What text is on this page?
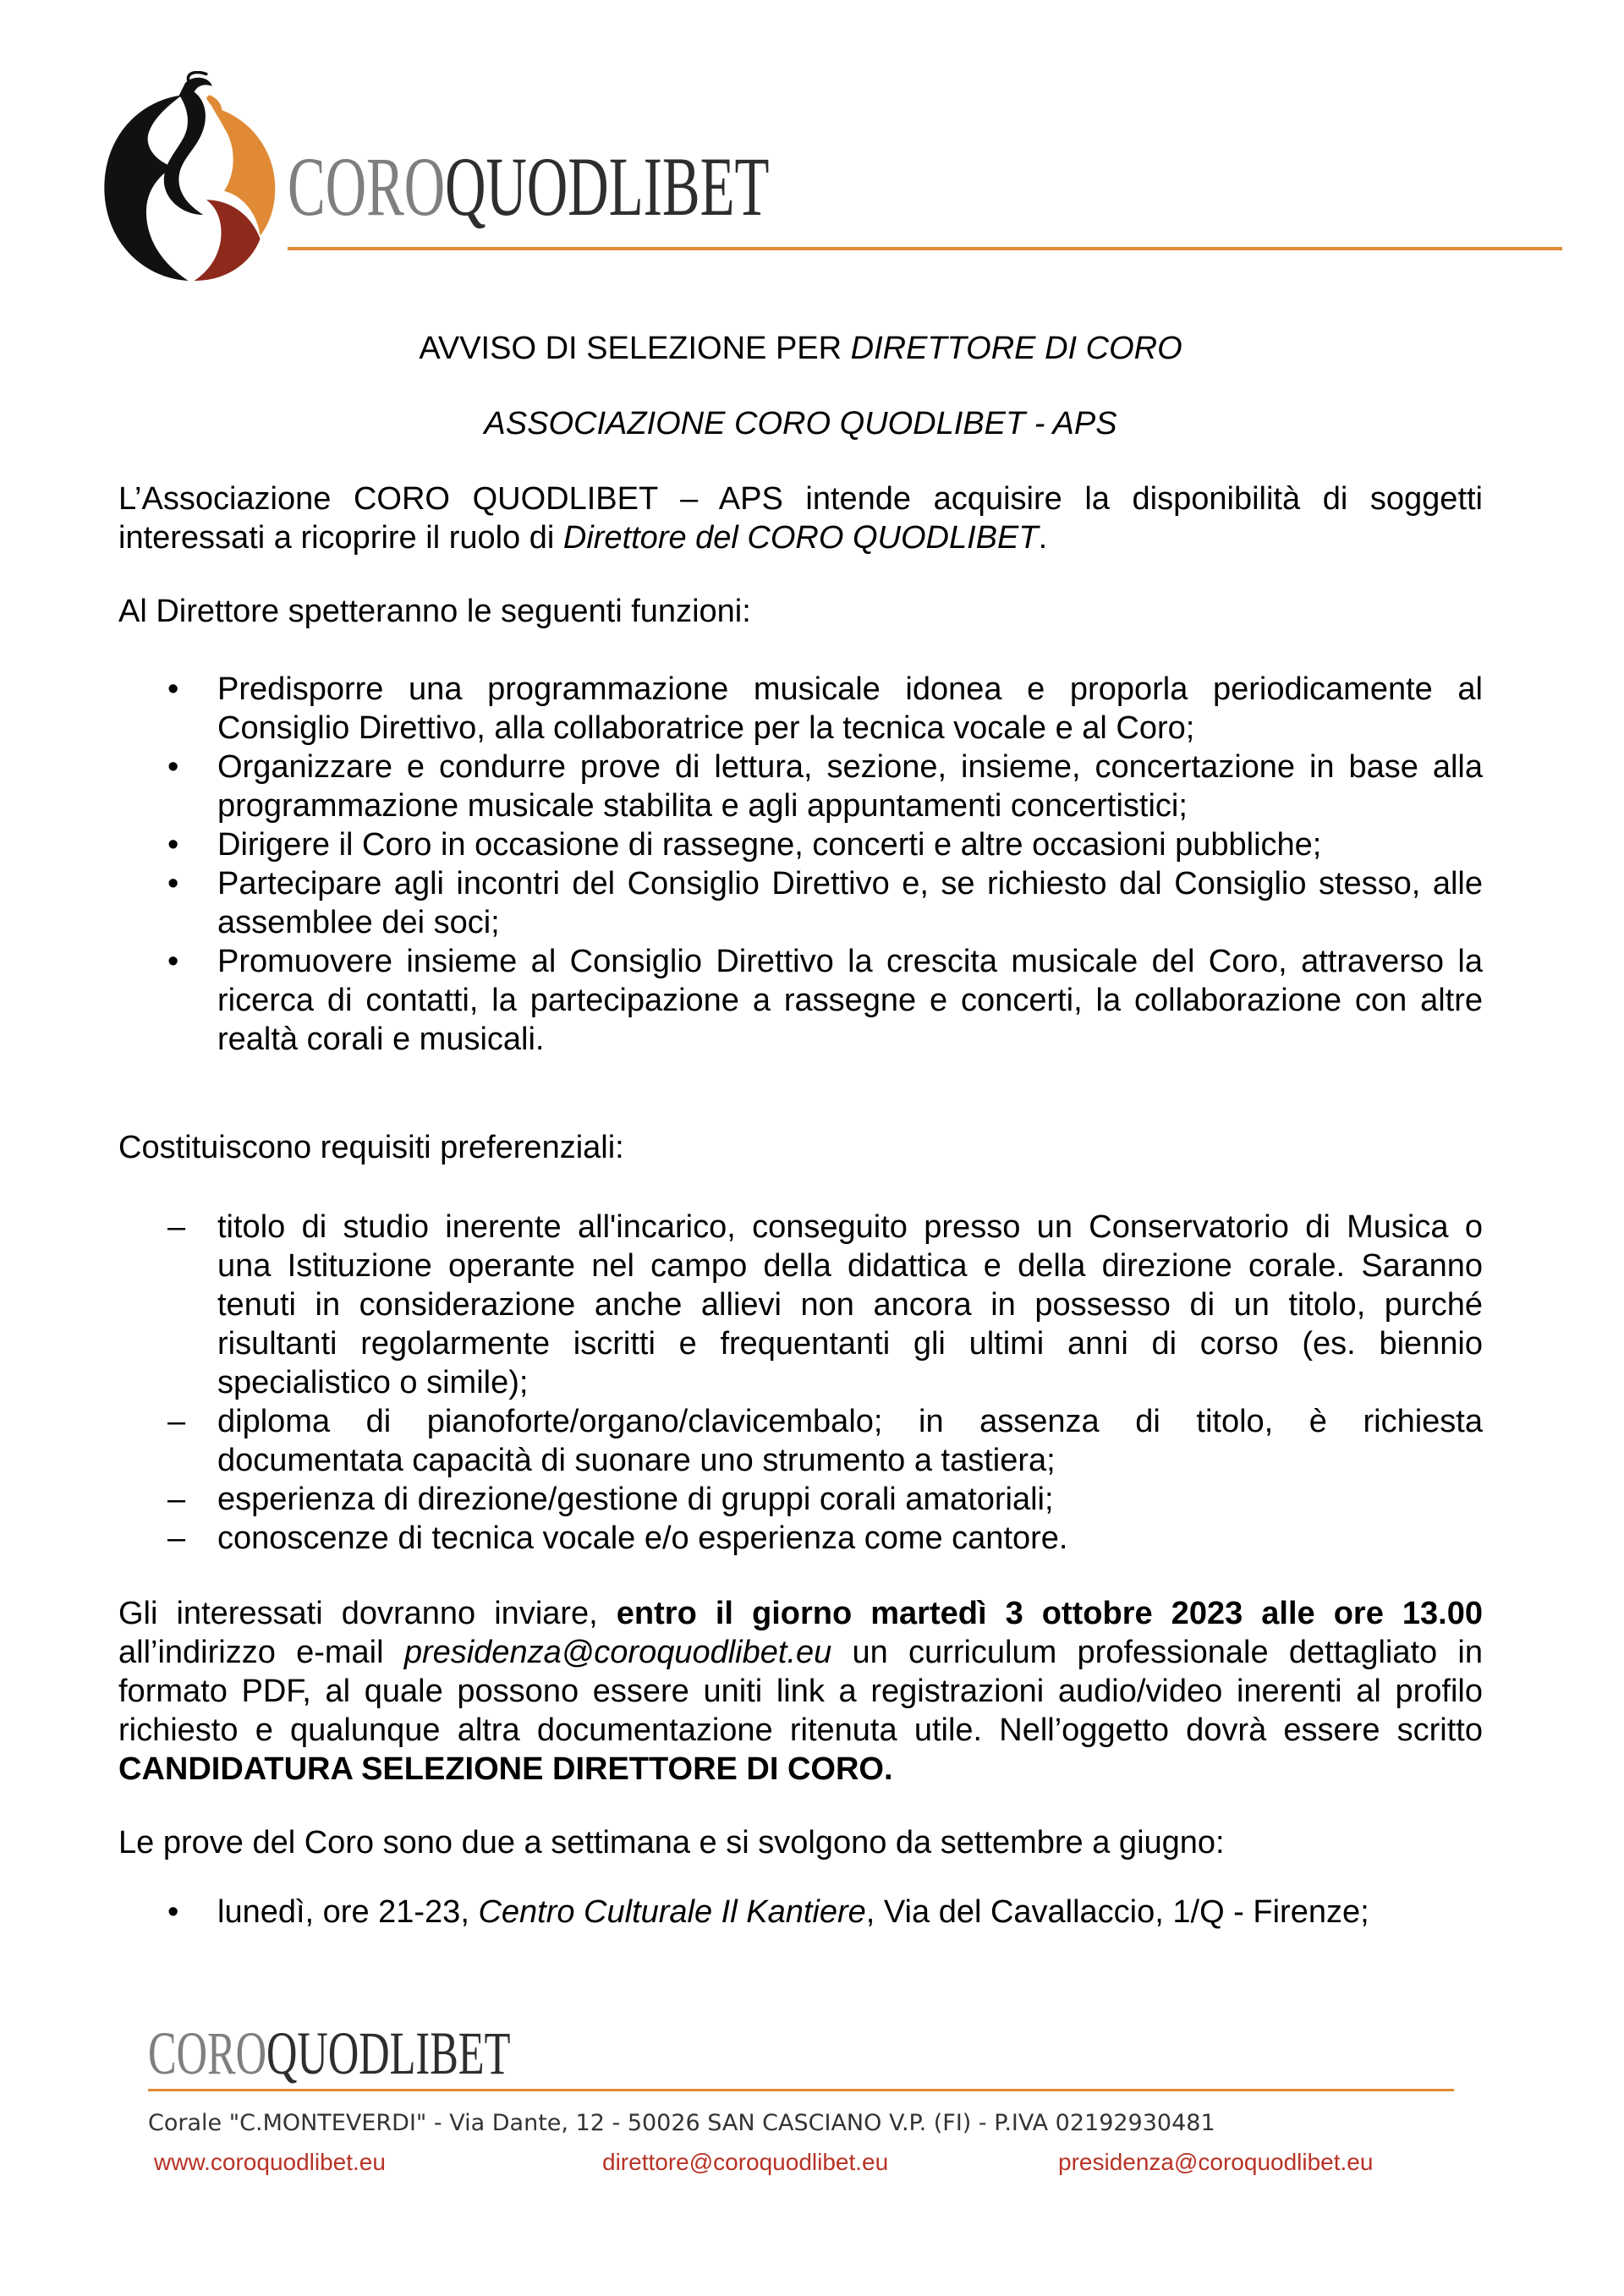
COROQUODLIBET
AVVISO DI SELEZIONE PER DIRETTORE DI CORO
ASSOCIAZIONE CORO QUODLIBET - APS
L’Associazione CORO QUODLIBET – APS intende acquisire la disponibilità di soggetti
interessati a ricoprire il ruolo di Direttore del CORO QUODLIBET.
Al Direttore spetteranno le seguenti funzioni:
•
Predisporre una programmazione musicale idonea e proporla periodicamente al
Consiglio Direttivo, alla collaboratrice per la tecnica vocale e al Coro;
•
Organizzare e condurre prove di lettura, sezione, insieme, concertazione in base alla
programmazione musicale stabilita e agli appuntamenti concertistici;
•
Dirigere il Coro in occasione di rassegne, concerti e altre occasioni pubbliche;
•
Partecipare agli incontri del Consiglio Direttivo e, se richiesto dal Consiglio stesso, alle
assemblee dei soci;
•
Promuovere insieme al Consiglio Direttivo la crescita musicale del Coro, attraverso la
ricerca di contatti, la partecipazione a rassegne e concerti, la collaborazione con altre
realtà corali e musicali.
Costituiscono requisiti preferenziali:
–
titolo di studio inerente all'incarico, conseguito presso un Conservatorio di Musica o
una Istituzione operante nel campo della didattica e della direzione corale. Saranno
tenuti in considerazione anche allievi non ancora in possesso di un titolo, purché
risultanti regolarmente iscritti e frequentanti gli ultimi anni di corso (es. biennio
specialistico o simile);
–
diploma di pianoforte/organo/clavicembalo; in assenza di titolo, è richiesta
documentata capacità di suonare uno strumento a tastiera;
–
esperienza di direzione/gestione di gruppi corali amatoriali;
–
conoscenze di tecnica vocale e/o esperienza come cantore.
Gli interessati dovranno inviare, entro il giorno martedì 3 ottobre 2023 alle ore 13.00
all’indirizzo e-mail presidenza@coroquodlibet.eu un curriculum professionale dettagliato in
formato PDF, al quale possono essere uniti link a registrazioni audio/video inerenti al profilo
richiesto e qualunque altra documentazione ritenuta utile. Nell’oggetto dovrà essere scritto
CANDIDATURA SELEZIONE DIRETTORE DI CORO.
Le prove del Coro sono due a settimana e si svolgono da settembre a giugno:
•
lunedì, ore 21-23, Centro Culturale Il Kantiere, Via del Cavallaccio, 1/Q - Firenze;
COROQUODLIBET
Corale "C.MONTEVERDI" - Via Dante, 12 - 50026 SAN CASCIANO V.P. (FI) - P.IVA 02192930481
www.coroquodlibet.eu	direttore@coroquodlibet.eu	presidenza@coroquodlibet.eu
